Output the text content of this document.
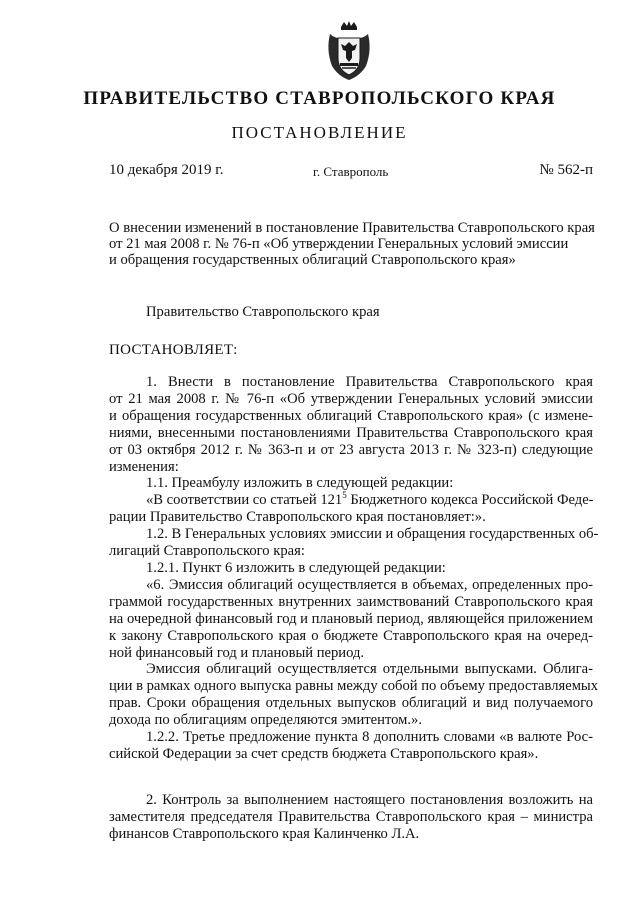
ПРАВИТЕЛЬСТВО СТАВРОПОЛЬСКОГО КРАЯ
ПОСТАНОВЛЕНИЕ
10 декабря 2019 г.	г. Ставрополь	№ 562-п
О внесении изменений в постановление Правительства Ставропольского края
от 21 мая 2008 г. № 76-п «Об утверждении Генеральных условий эмиссии
и обращения государственных облигаций Ставропольского края»
Правительство Ставропольского края
ПОСТАНОВЛЯЕТ:
1. Внести в постановление Правительства Ставропольского края
от 21 мая 2008 г. № 76-п «Об утверждении Генеральных условий эмиссии
и обращения государственных облигаций Ставропольского края» (с измене-
ниями, внесенными постановлениями Правительства Ставропольского края
от 03 октября 2012 г. № 363-п и от 23 августа 2013 г. № 323-п) следующие
изменения:
1.1. Преамбулу изложить в следующей редакции:
«В соответствии со статьей $121^5$ Бюджетного кодекса Российской Феде-
рации Правительство Ставропольского края постановляет:».
1.2. В Генеральных условиях эмиссии и обращения государственных об-
лигаций Ставропольского края:
1.2.1. Пункт 6 изложить в следующей редакции:
«6. Эмиссия облигаций осуществляется в объемах, определенных про-
граммой государственных внутренних заимствований Ставропольского края
на очередной финансовый год и плановый период, являющейся приложением
к закону Ставропольского края о бюджете Ставропольского края на очеред-
ной финансовый год и плановый период.
Эмиссия облигаций осуществляется отдельными выпусками. Облига-
ции в рамках одного выпуска равны между собой по объему предоставляемых
прав. Сроки обращения отдельных выпусков облигаций и вид получаемого
дохода по облигациям определяются эмитентом.».
1.2.2. Третье предложение пункта 8 дополнить словами «в валюте Рос-
сийской Федерации за счет средств бюджета Ставропольского края».
2. Контроль за выполнением настоящего постановления возложить на
заместителя председателя Правительства Ставропольского края – министра
финансов Ставропольского края Калинченко Л.А.
